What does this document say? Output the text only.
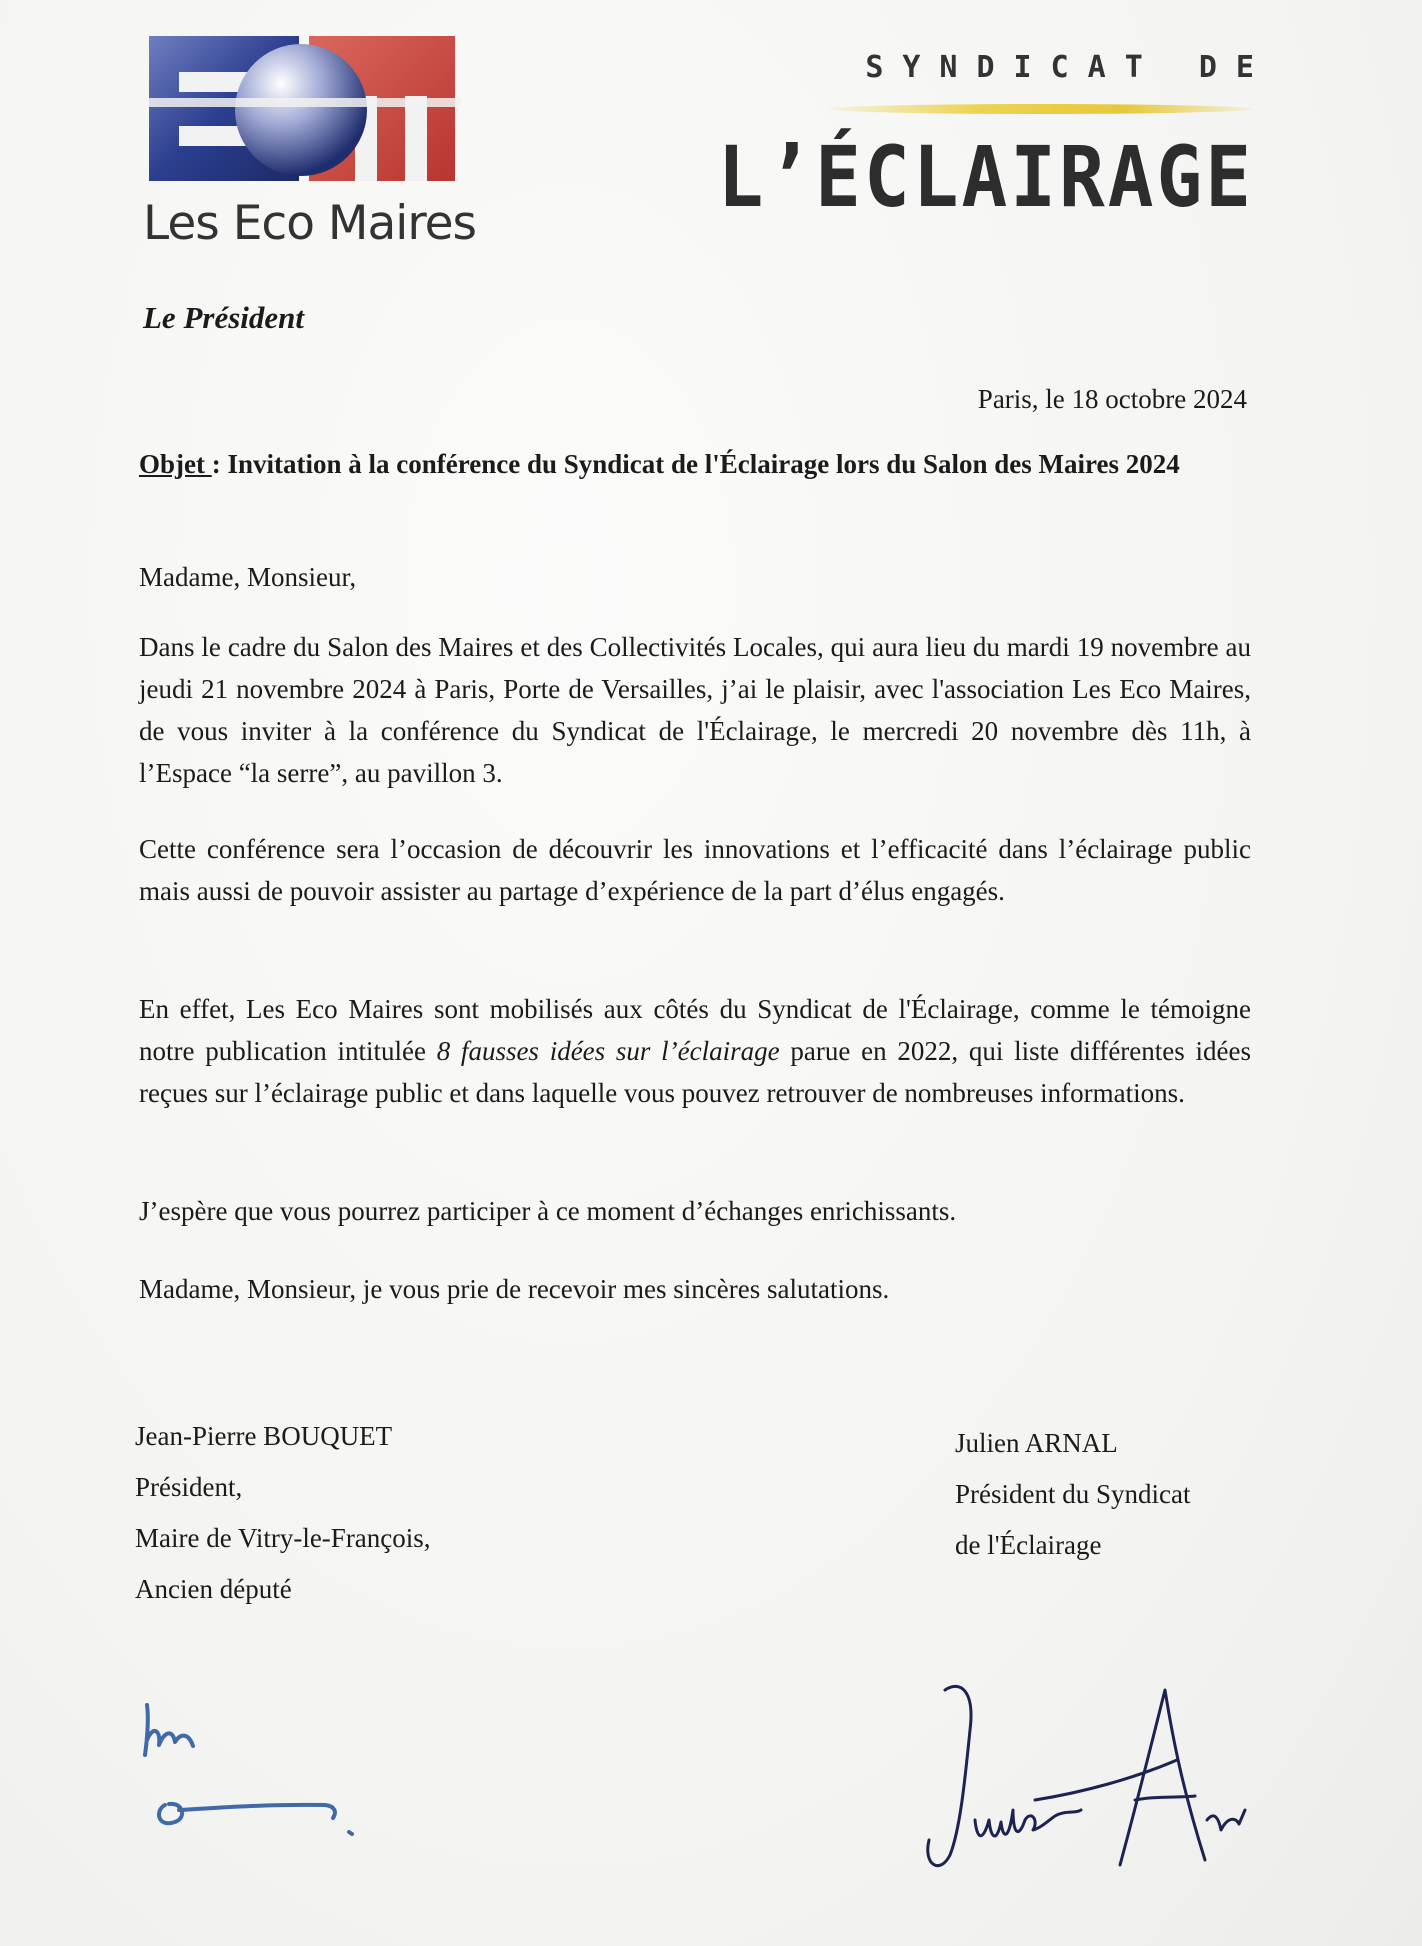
Les Eco Maires
SYNDICAT DE
L’ÉCLAIRAGE
Le Président
Paris, le 18 octobre 2024
Objet : Invitation à la conférence du Syndicat de l'Éclairage lors du Salon des Maires 2024
Madame, Monsieur,
Dans le cadre du Salon des Maires et des Collectivités Locales, qui aura lieu du mardi 19 novembre au jeudi 21 novembre 2024 à Paris, Porte de Versailles, j’ai le plaisir, avec l'association Les Eco Maires, de vous inviter à la conférence du Syndicat de l'Éclairage, le mercredi 20 novembre dès 11h, à l’Espace “la serre”, au pavillon 3.
Cette conférence sera l’occasion de découvrir les innovations et l’efficacité dans l’éclairage public mais aussi de pouvoir assister au partage d’expérience de la part d’élus engagés.
En effet, Les Eco Maires sont mobilisés aux côtés du Syndicat de l'Éclairage, comme le témoigne notre publication intitulée 8 fausses idées sur l’éclairage parue en 2022, qui liste différentes idées reçues sur l’éclairage public et dans laquelle vous pouvez retrouver de nombreuses informations.
J’espère que vous pourrez participer à ce moment d’échanges enrichissants.
Madame, Monsieur, je vous prie de recevoir mes sincères salutations.
Jean-Pierre BOUQUET
Président,
Maire de Vitry-le-François,
Ancien député
Julien ARNAL
Président du Syndicat
de l'Éclairage
